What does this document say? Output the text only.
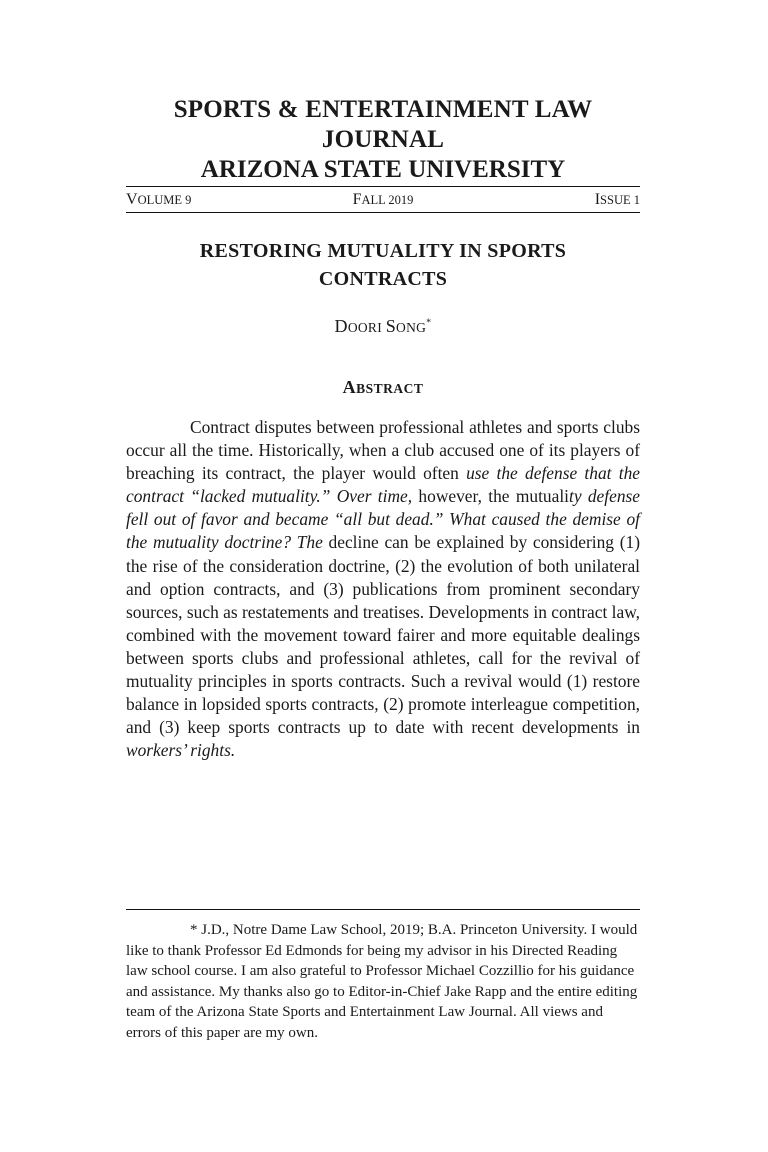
SPORTS & ENTERTAINMENT LAW JOURNAL
ARIZONA STATE UNIVERSITY
VOLUME 9	FALL 2019	ISSUE 1
RESTORING MUTUALITY IN SPORTS
CONTRACTS
DOORI SONG*
ABSTRACT

Contract disputes between professional athletes and sports clubs occur all the time. Historically, when a club accused one of its players of breaching its contract, the player would often use the defense that the contract “lacked mutuality.” Over time, however, the mutuality defense fell out of favor and became “all but dead.” What caused the demise of the mutuality doctrine? The decline can be explained by considering (1) the rise of the consideration doctrine, (2) the evolution of both unilateral and option contracts, and (3) publications from prominent secondary sources, such as restatements and treatises. Developments in contract law, combined with the movement toward fairer and more equitable dealings between sports clubs and professional athletes, call for the revival of mutuality principles in sports contracts. Such a revival would (1) restore balance in lopsided sports contracts, (2) promote interleague competition, and (3) keep sports contracts up to date with recent developments in workers’ rights.

* J.D., Notre Dame Law School, 2019; B.A. Princeton University. I would like to thank Professor Ed Edmonds for being my advisor in his Directed Reading law school course. I am also grateful to Professor Michael Cozzillio for his guidance and assistance. My thanks also go to Editor-in-Chief Jake Rapp and the entire editing team of the Arizona State Sports and Entertainment Law Journal. All views and errors of this paper are my own.
